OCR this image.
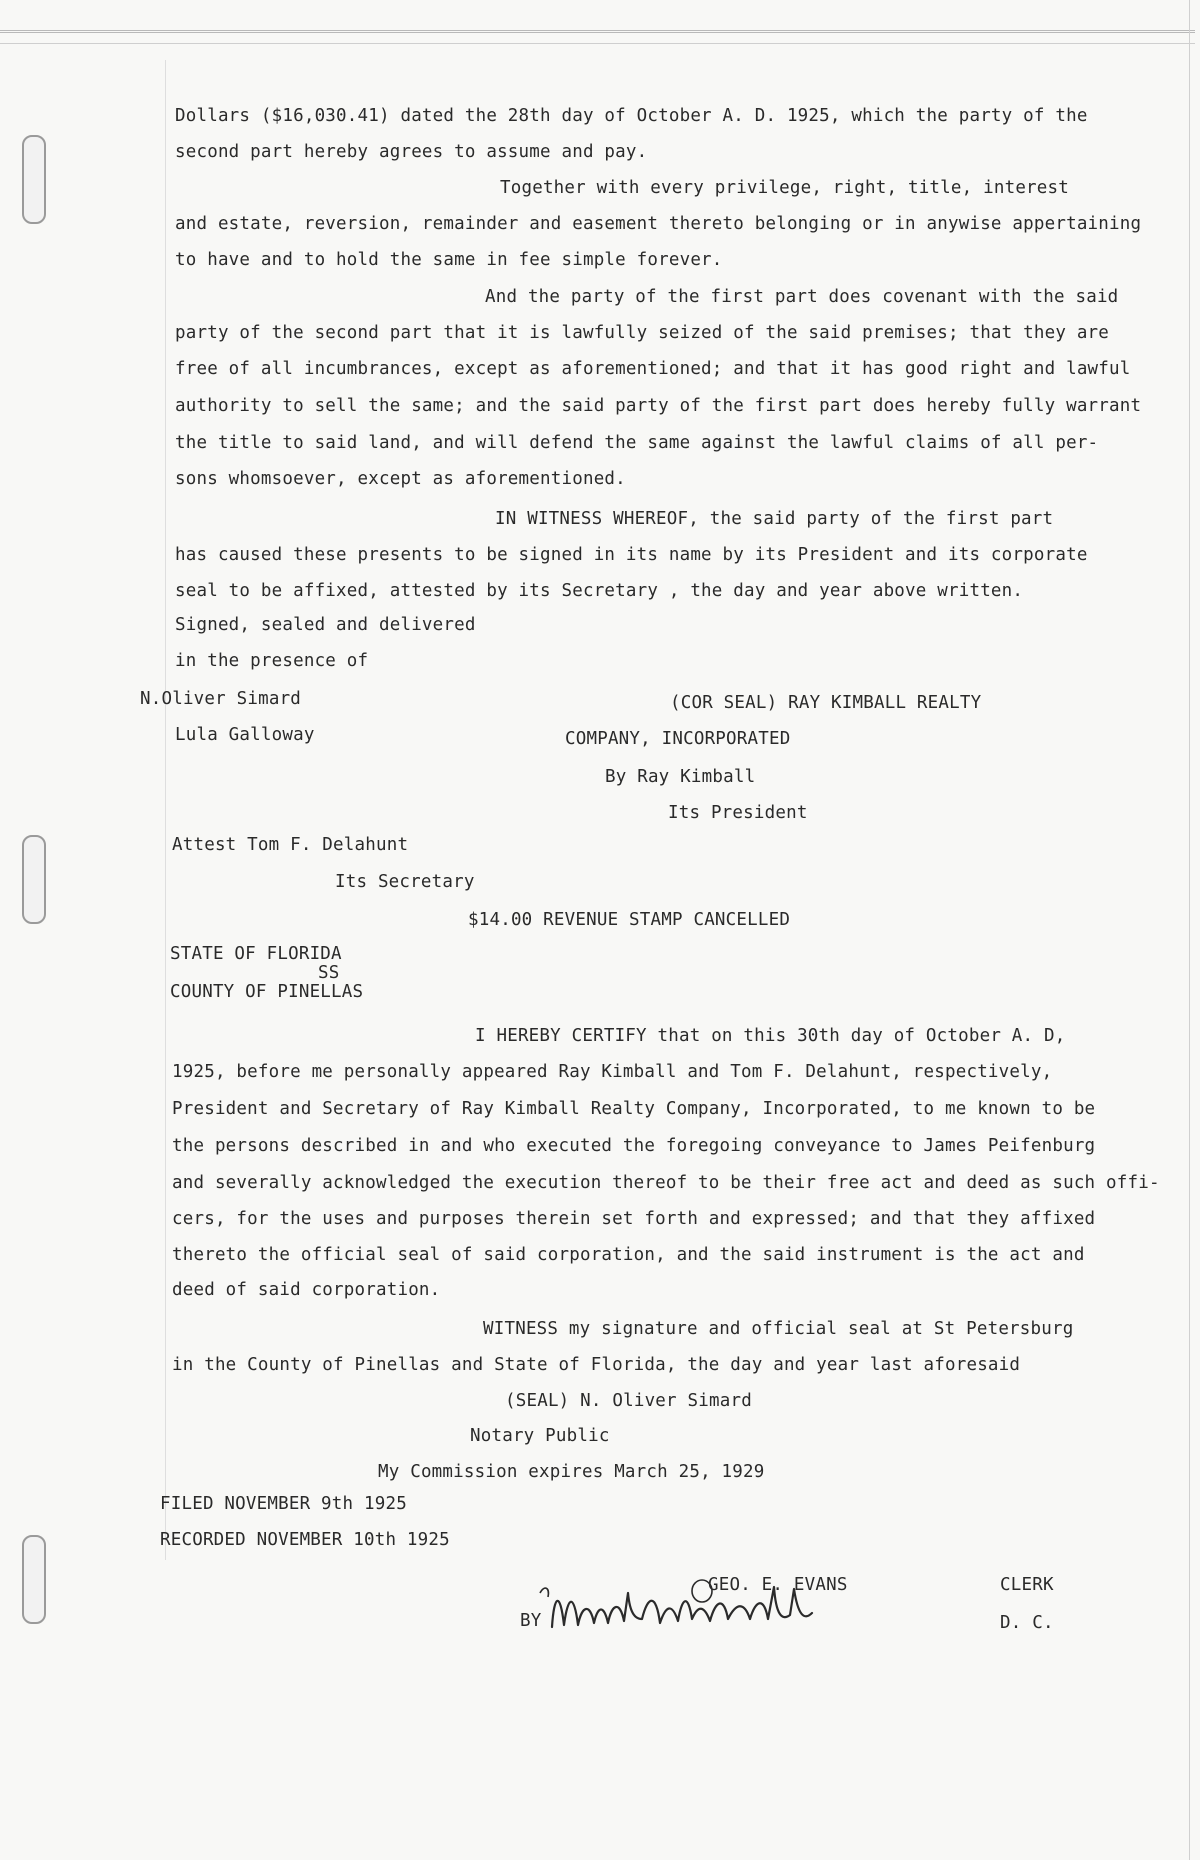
Dollars ($16,030.41) dated the 28th day of October A. D. 1925, which the party of the
second part hereby agrees to assume and pay.
Together with every privilege, right, title, interest
and estate, reversion, remainder and easement thereto belonging or in anywise appertaining
to have and to hold the same in fee simple forever.
And the party of the first part does covenant with the said
party of the second part that it is lawfully seized of the said premises; that they are
free of all incumbrances, except as aforementioned; and that it has good right and lawful
authority to sell the same; and the said party of the first part does hereby fully warrant
the title to said land, and will defend the same against the lawful claims of all per-
sons whomsoever, except as aforementioned.
IN WITNESS WHEREOF, the said party of the first part
has caused these presents to be signed in its name by its President and its corporate
seal to be affixed, attested by its Secretary , the day and year above written.
Signed, sealed and delivered
in the presence of
N.Oliver Simard
Lula Galloway
(COR SEAL) RAY KIMBALL REALTY
COMPANY, INCORPORATED
By Ray Kimball
Its President
Attest Tom F. Delahunt
Its Secretary
$14.00 REVENUE STAMP CANCELLED
STATE OF FLORIDA
SS
COUNTY OF PINELLAS
I HEREBY CERTIFY that on this 30th day of October A. D,
1925, before me personally appeared Ray Kimball and Tom F. Delahunt, respectively,
President and Secretary of Ray Kimball Realty Company, Incorporated, to me known to be
the persons described in and who executed the foregoing conveyance to James Peifenburg
and severally acknowledged the execution thereof to be their free act and deed as such offi-
cers, for the uses and purposes therein set forth and expressed; and that they affixed
thereto the official seal of said corporation, and the said instrument is the act and
deed of said corporation.
WITNESS my signature and official seal at St Petersburg
in the County of Pinellas and State of Florida, the day and year last aforesaid
(SEAL) N. Oliver Simard
Notary Public
My Commission expires March 25, 1929
FILED NOVEMBER 9th 1925
RECORDED NOVEMBER 10th 1925
GEO. E. EVANS	CLERK
BY	D. C.
